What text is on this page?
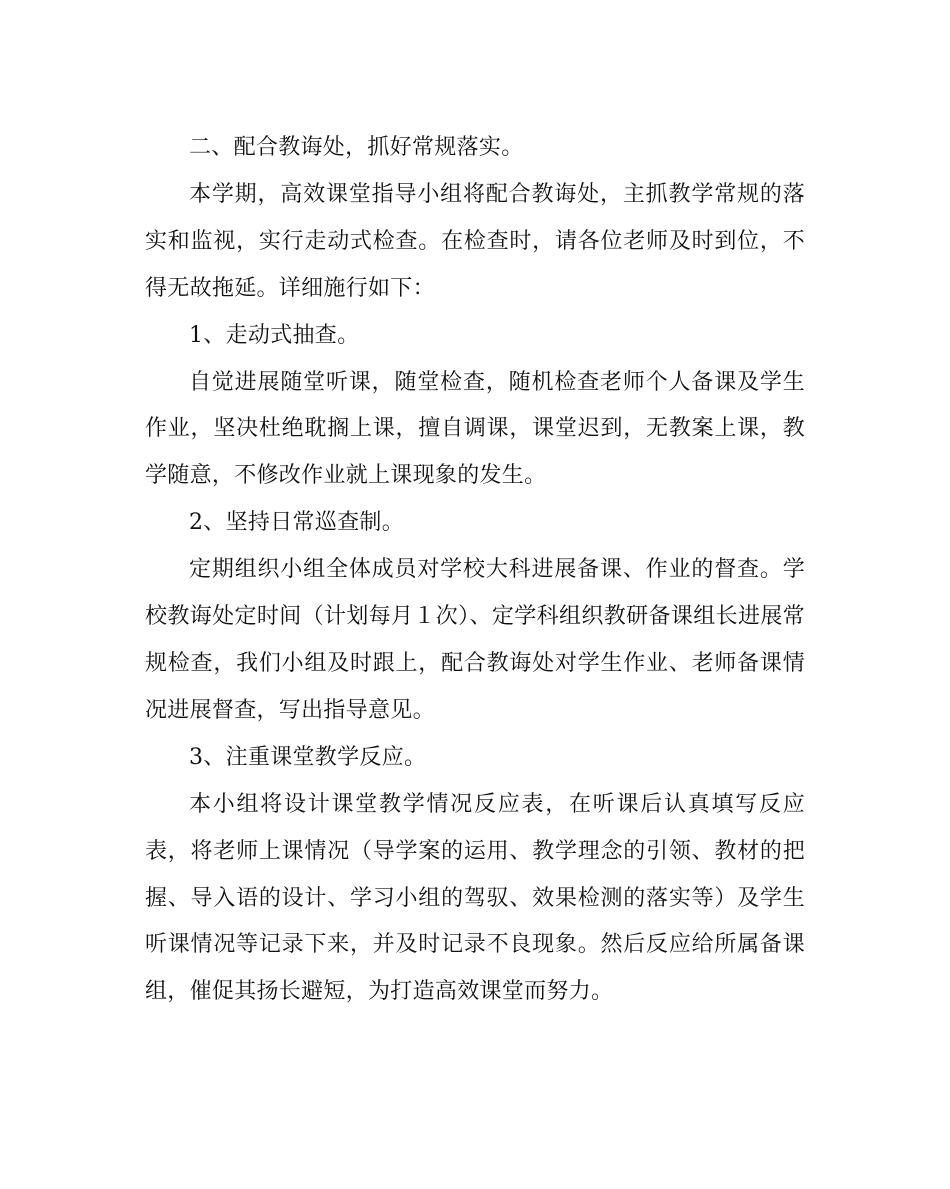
二、配合教诲处，抓好常规落实。

本学期，高效课堂指导小组将配合教诲处，主抓教学常规的落实和监视，实行走动式检查。在检查时，请各位老师及时到位，不得无故拖延。详细施行如下：

1、走动式抽查。

自觉进展随堂听课，随堂检查，随机检查老师个人备课及学生作业，坚决杜绝耽搁上课，擅自调课，课堂迟到，无教案上课，教学随意，不修改作业就上课现象的发生。

2、坚持日常巡查制。

定期组织小组全体成员对学校大科进展备课、作业的督查。学校教诲处定时间（计划每月１次）、定学科组织教研备课组长进展常规检查，我们小组及时跟上，配合教诲处对学生作业、老师备课情况进展督查，写出指导意见。

3、注重课堂教学反应。

本小组将设计课堂教学情况反应表，在听课后认真填写反应表，将老师上课情况（导学案的运用、教学理念的引领、教材的把握、导入语的设计、学习小组的驾驭、效果检测的落实等）及学生听课情况等记录下来，并及时记录不良现象。然后反应给所属备课组，催促其扬长避短，为打造高效课堂而努力。
